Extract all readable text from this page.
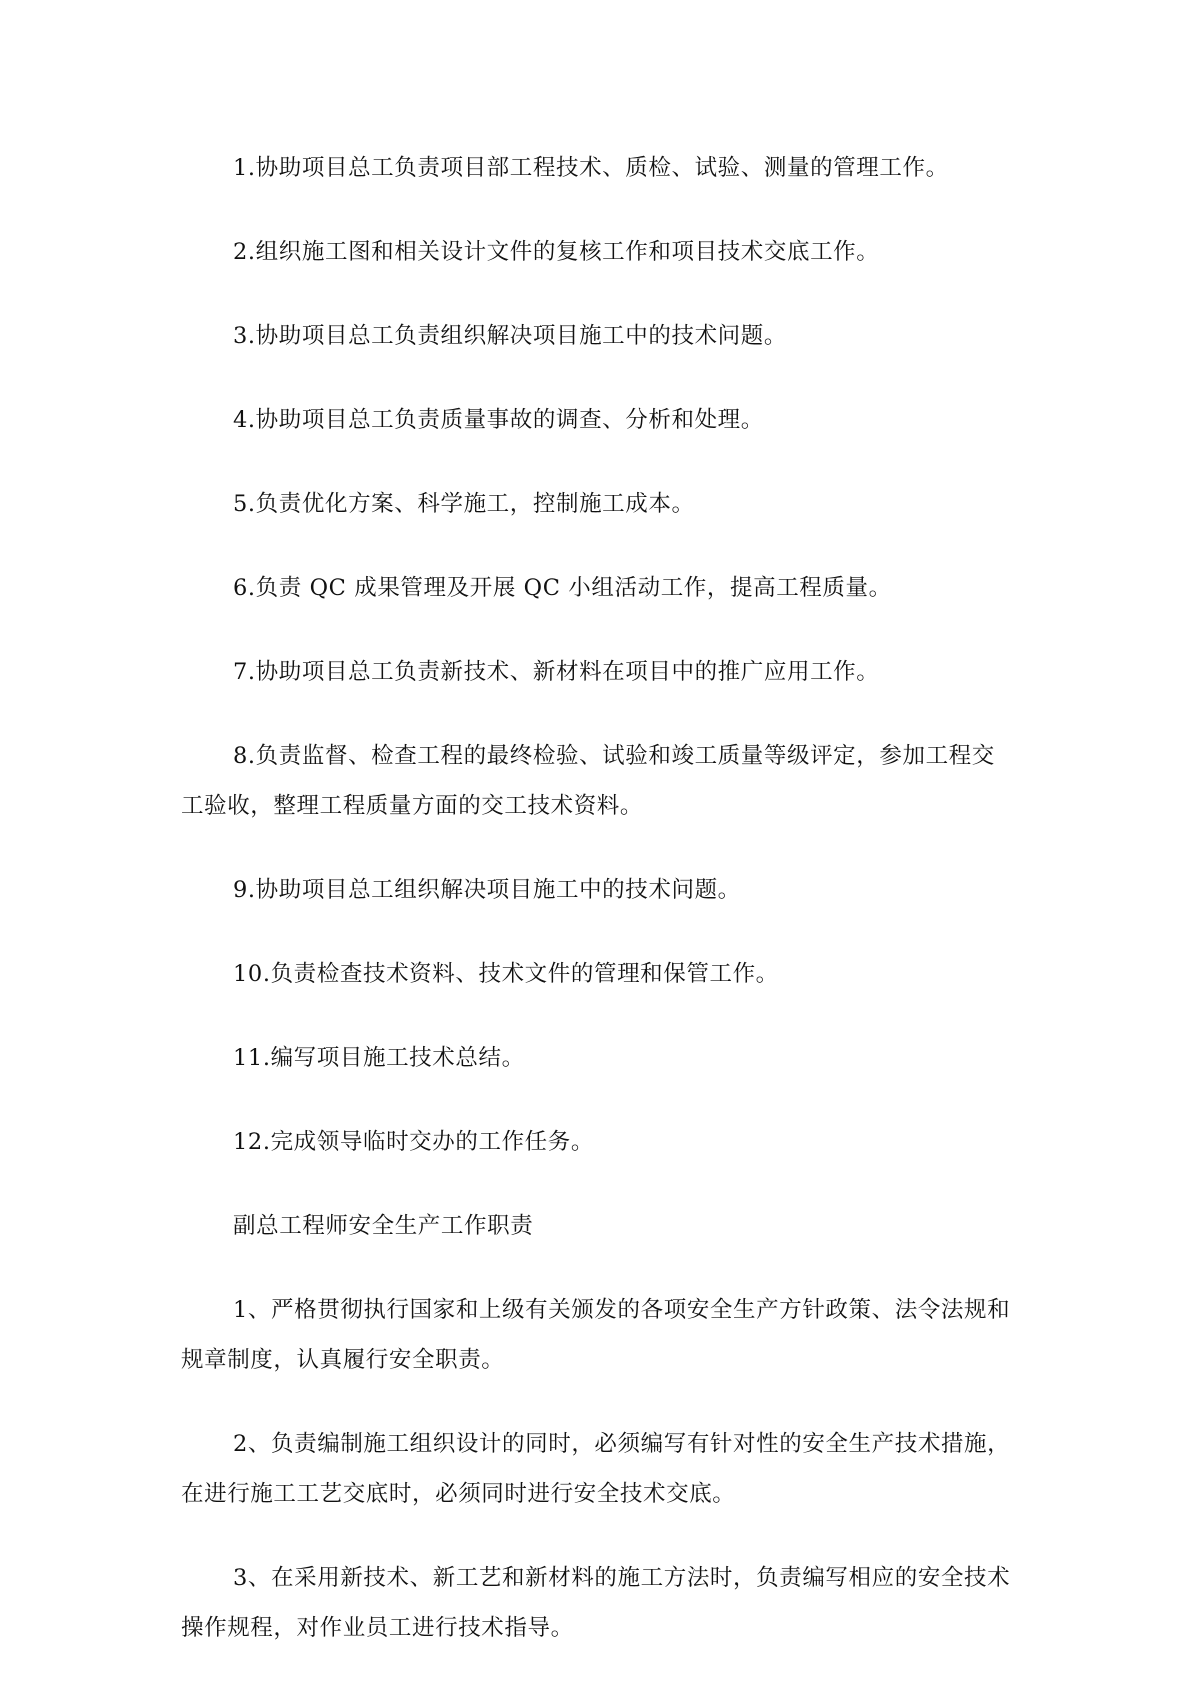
1.协助项目总工负责项目部工程技术、质检、试验、测量的管理工作。

2.组织施工图和相关设计文件的复核工作和项目技术交底工作。

3.协助项目总工负责组织解决项目施工中的技术问题。

4.协助项目总工负责质量事故的调查、分析和处理。

5.负责优化方案、科学施工，控制施工成本。

6.负责 QC 成果管理及开展 QC 小组活动工作，提高工程质量。

7.协助项目总工负责新技术、新材料在项目中的推广应用工作。

8.负责监督、检查工程的最终检验、试验和竣工质量等级评定，参加工程交工验收，整理工程质量方面的交工技术资料。

9.协助项目总工组织解决项目施工中的技术问题。

10.负责检查技术资料、技术文件的管理和保管工作。

11.编写项目施工技术总结。

12.完成领导临时交办的工作任务。

副总工程师安全生产工作职责

1、严格贯彻执行国家和上级有关颁发的各项安全生产方针政策、法令法规和规章制度，认真履行安全职责。

2、负责编制施工组织设计的同时，必须编写有针对性的安全生产技术措施，在进行施工工艺交底时，必须同时进行安全技术交底。

3、在采用新技术、新工艺和新材料的施工方法时，负责编写相应的安全技术操作规程，对作业员工进行技术指导。
